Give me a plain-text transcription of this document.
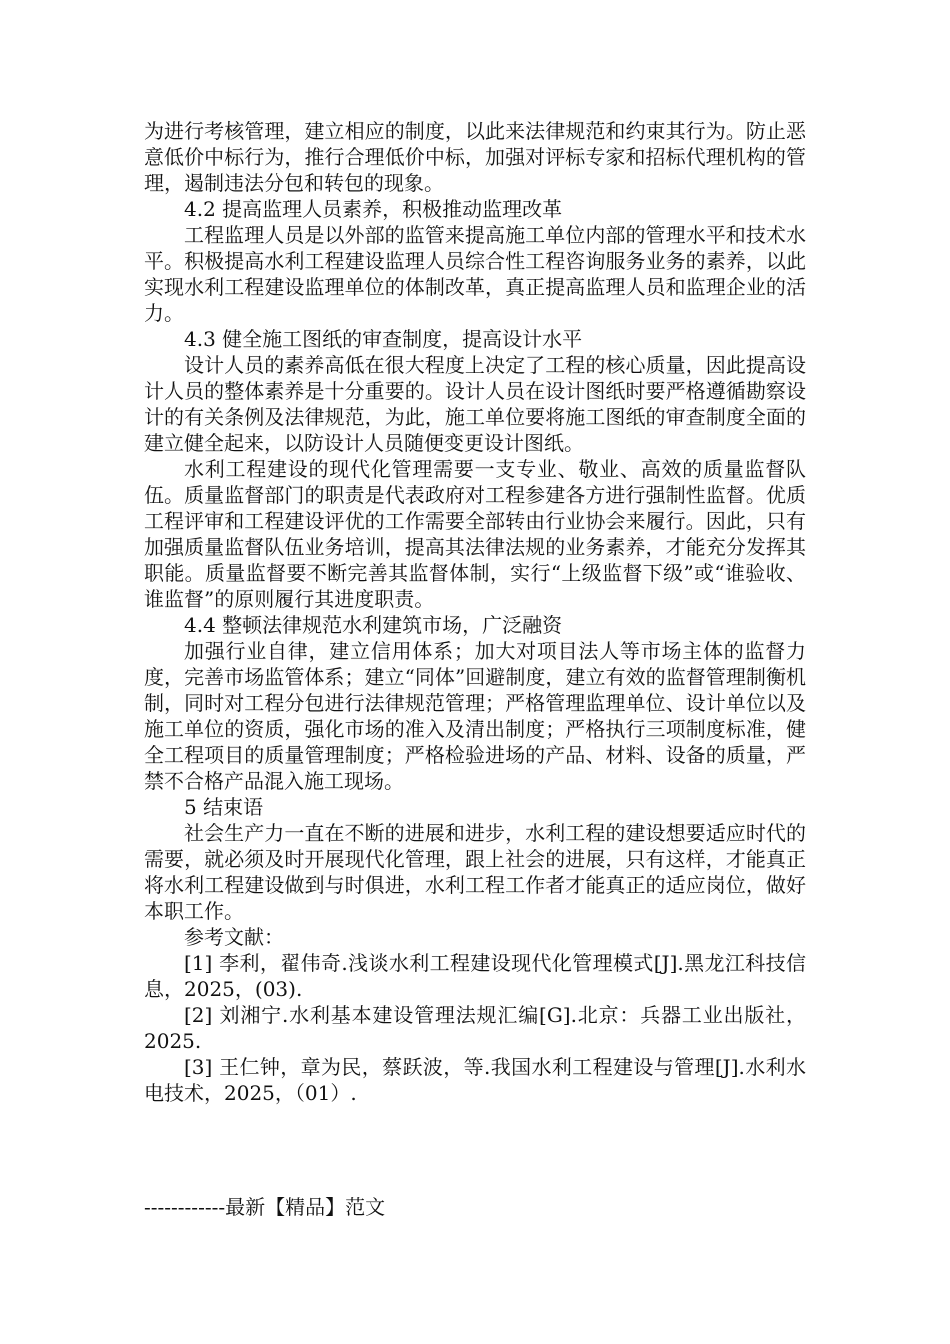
为进行考核管理，建立相应的制度，以此来法律规范和约束其行为。防止恶意低价中标行为，推行合理低价中标，加强对评标专家和招标代理机构的管理，遏制违法分包和转包的现象。

4.2 提高监理人员素养，积极推动监理改革

工程监理人员是以外部的监管来提高施工单位内部的管理水平和技术水平。积极提高水利工程建设监理人员综合性工程咨询服务业务的素养，以此实现水利工程建设监理单位的体制改革，真正提高监理人员和监理企业的活力。

4.3 健全施工图纸的审查制度，提高设计水平

设计人员的素养高低在很大程度上决定了工程的核心质量，因此提高设计人员的整体素养是十分重要的。设计人员在设计图纸时要严格遵循勘察设计的有关条例及法律规范，为此，施工单位要将施工图纸的审查制度全面的建立健全起来，以防设计人员随便变更设计图纸。

水利工程建设的现代化管理需要一支专业、敬业、高效的质量监督队伍。质量监督部门的职责是代表政府对工程参建各方进行强制性监督。优质工程评审和工程建设评优的工作需要全部转由行业协会来履行。因此，只有加强质量监督队伍业务培训，提高其法律法规的业务素养，才能充分发挥其职能。质量监督要不断完善其监督体制，实行“上级监督下级”或“谁验收、谁监督”的原则履行其进度职责。

4.4 整顿法律规范水利建筑市场，广泛融资

加强行业自律，建立信用体系；加大对项目法人等市场主体的监督力度，完善市场监管体系；建立“同体”回避制度，建立有效的监督管理制衡机制，同时对工程分包进行法律规范管理；严格管理监理单位、设计单位以及施工单位的资质，强化市场的准入及清出制度；严格执行三项制度标准，健全工程项目的质量管理制度；严格检验进场的产品、材料、设备的质量，严禁不合格产品混入施工现场。

5 结束语

社会生产力一直在不断的进展和进步，水利工程的建设想要适应时代的需要，就必须及时开展现代化管理，跟上社会的进展，只有这样，才能真正将水利工程建设做到与时俱进，水利工程工作者才能真正的适应岗位，做好本职工作。

参考文献：

[1] 李利，翟伟奇.浅谈水利工程建设现代化管理模式[J].黑龙江科技信息，2025，(03).

[2] 刘湘宁.水利基本建设管理法规汇编[G].北京：兵器工业出版社，2025.

[3] 王仁钟，章为民，蔡跃波，等.我国水利工程建设与管理[J].水利水电技术，2025，（01）.

------------最新【精品】范文
